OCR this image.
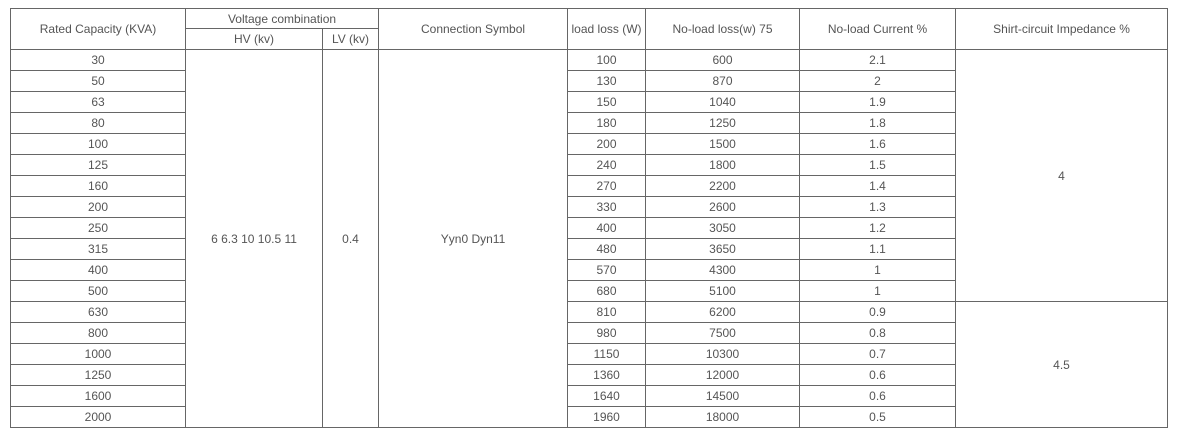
Rated Capacity (KVA)	Voltage combination		Connection Symbol	load loss (W)	No-load loss(w) 75	No-load Current %	Shirt-circuit Impedance %
	HV (kv)	LV (kv)					
30	6 6.3 10 10.5 11	0.4	Yyn0 Dyn11	100	600	2.1	4
50				130	870	2	
63				150	1040	1.9	
80				180	1250	1.8	
100				200	1500	1.6	
125				240	1800	1.5	
160				270	2200	1.4	
200				330	2600	1.3	
250				400	3050	1.2	
315				480	3650	1.1	
400				570	4300	1	
500				680	5100	1	
630				810	6200	0.9	4.5
800				980	7500	0.8	
1000				1150	10300	0.7	
1250				1360	12000	0.6	
1600				1640	14500	0.6	
2000				1960	18000	0.5	
